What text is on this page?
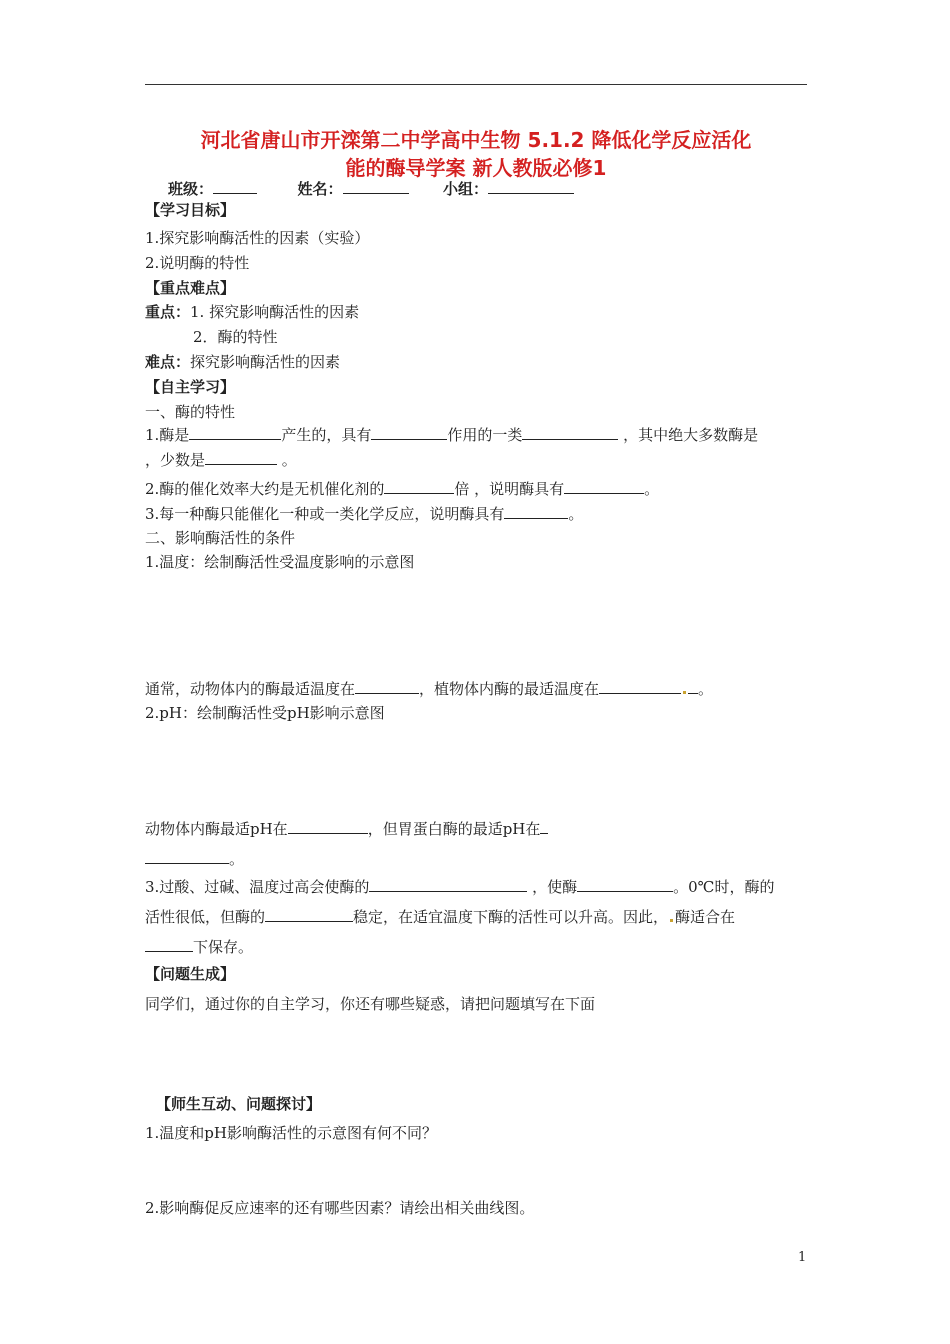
河北省唐山市开滦第二中学高中生物 5.1.2 降低化学反应活化
能的酶导学案 新人教版必修1
班级：	姓名：	小组：
【学习目标】
1.探究影响酶活性的因素（实验）
2.说明酶的特性
【重点难点】
重点：1. 探究影响酶活性的因素
2．酶的特性
难点：探究影响酶活性的因素
【自主学习】
一、酶的特性
1.酶是	产生的，具有	作用的一类	，其中绝大多数酶是
，少数是	。
2.酶的催化效率大约是无机催化剂的	倍 ，说明酶具有	。
3.每一种酶只能催化一种或一类化学反应，说明酶具有	。
二、影响酶活性的条件
1.温度：绘制酶活性受温度影响的示意图
通常，动物体内的酶最适温度在	，植物体内酶的最适温度在	。
2.pH：绘制酶活性受pH影响示意图
动物体内酶最适pH在	，但胃蛋白酶的最适pH在
。
3.过酸、过碱、温度过高会使酶的	，使酶	。0℃时，酶的
活性很低，但酶的	稳定，在适宜温度下酶的活性可以升高。因此， 酶适合在
下保存。
【问题生成】
同学们，通过你的自主学习，你还有哪些疑惑，请把问题填写在下面
【师生互动、问题探讨】
1.温度和pH影响酶活性的示意图有何不同？
2.影响酶促反应速率的还有哪些因素？请绘出相关曲线图。
1
